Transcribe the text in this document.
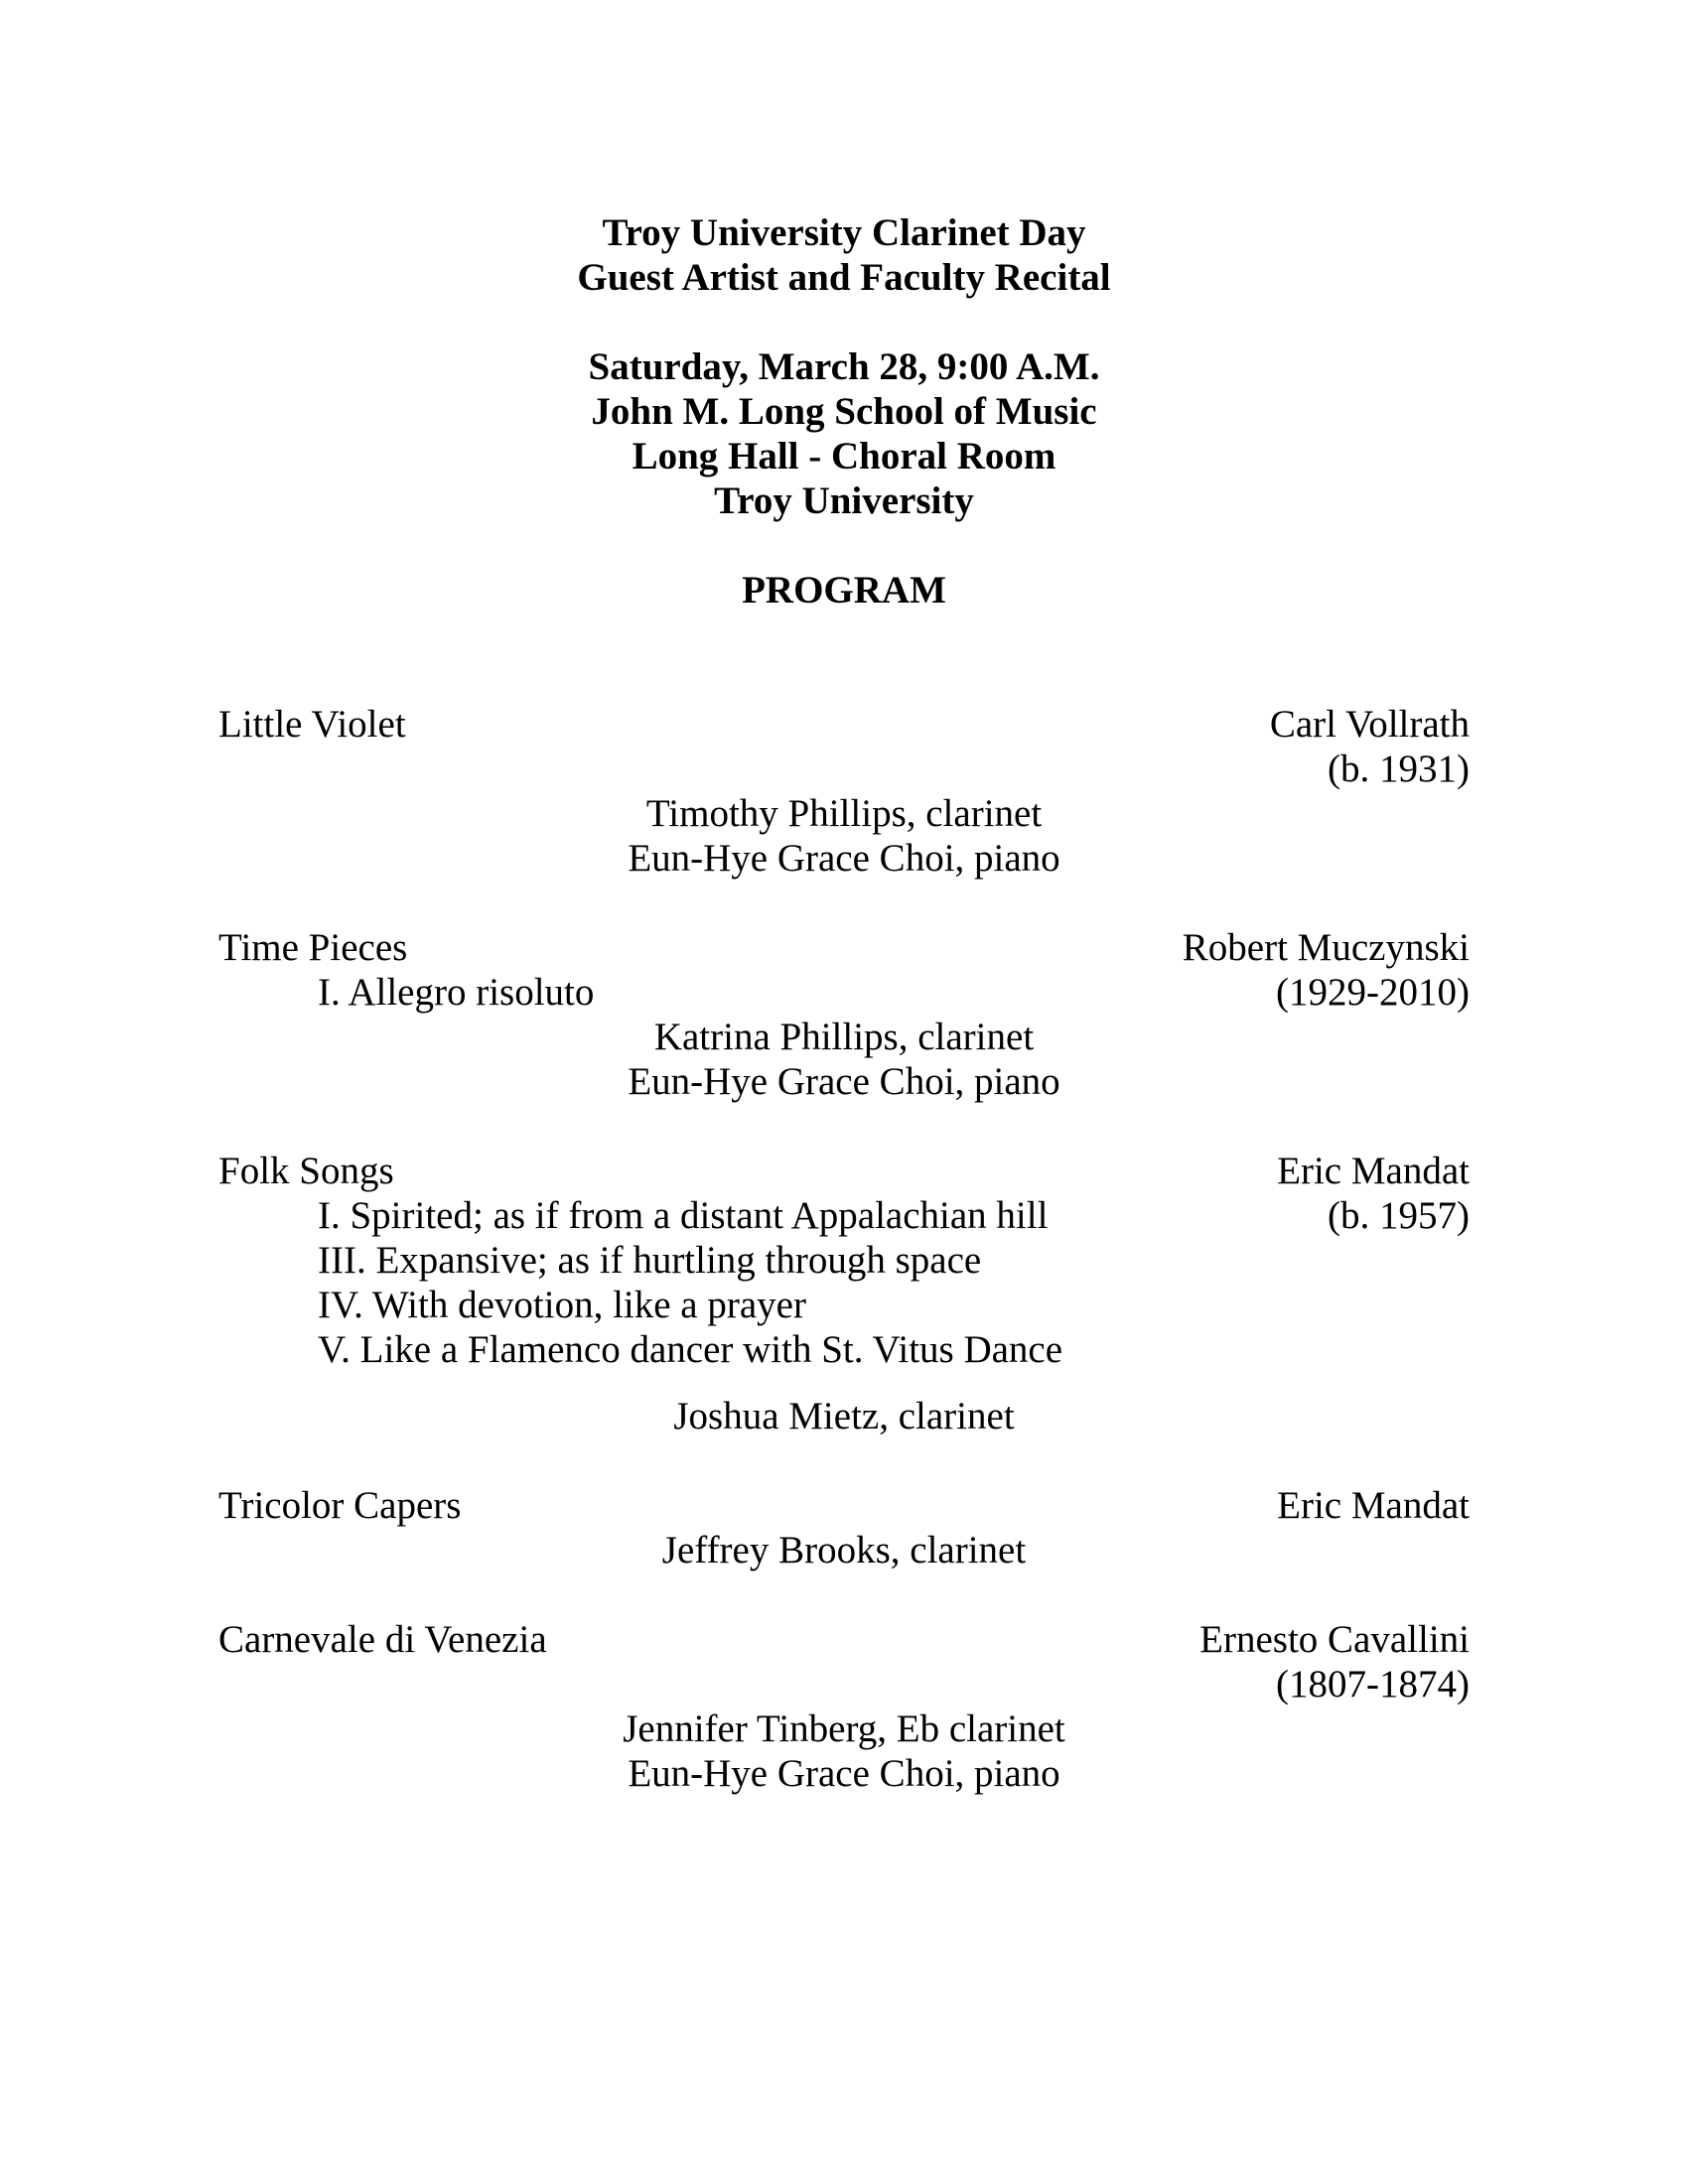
Troy University Clarinet Day
Guest Artist and Faculty Recital
Saturday, March 28, 9:00 A.M.
John M. Long School of Music
Long Hall - Choral Room
Troy University
PROGRAM
Little Violet	Carl Vollrath
(b. 1931)
Timothy Phillips, clarinet
Eun-Hye Grace Choi, piano
Time Pieces	Robert Muczynski
I. Allegro risoluto	(1929-2010)
Katrina Phillips, clarinet
Eun-Hye Grace Choi, piano
Folk Songs	Eric Mandat
I. Spirited; as if from a distant Appalachian hill	(b. 1957)
III. Expansive; as if hurtling through space
IV. With devotion, like a prayer
V. Like a Flamenco dancer with St. Vitus Dance
Joshua Mietz, clarinet
Tricolor Capers	Eric Mandat
Jeffrey Brooks, clarinet
Carnevale di Venezia	Ernesto Cavallini
(1807-1874)
Jennifer Tinberg, Eb clarinet
Eun-Hye Grace Choi, piano
